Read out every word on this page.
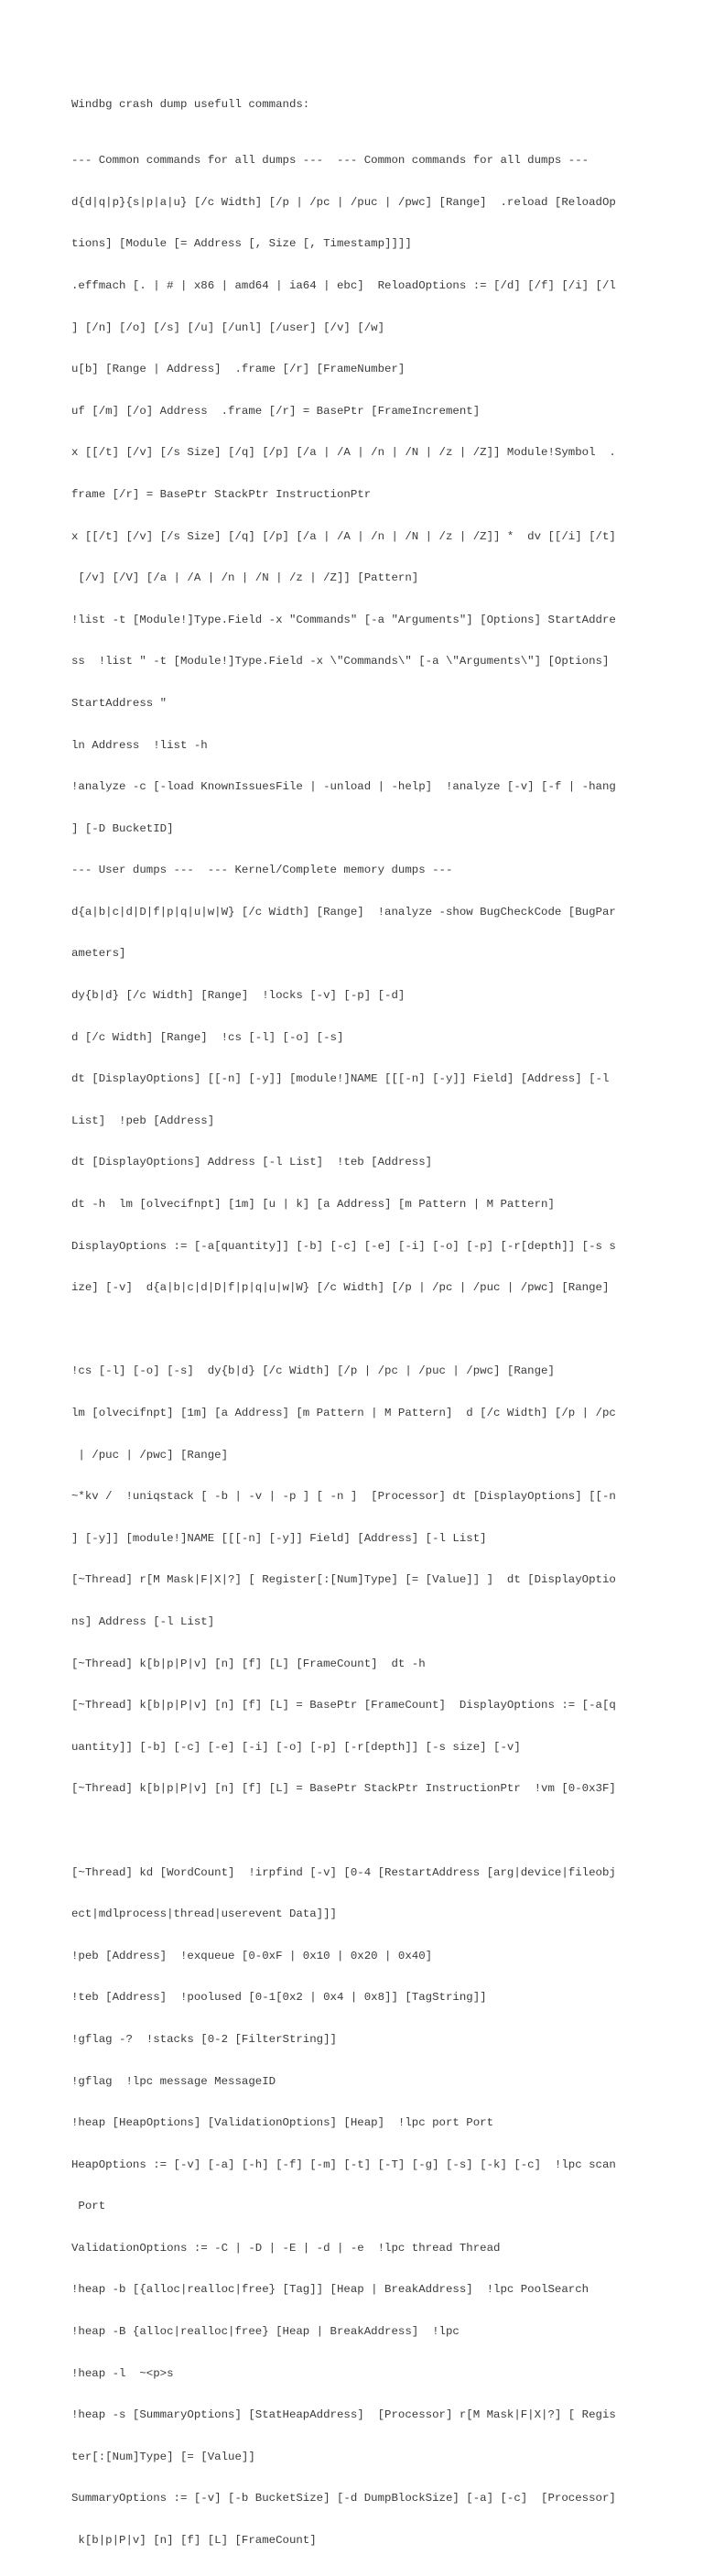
Windbg crash dump usefull commands:

--- Common commands for all dumps ---  --- Common commands for all dumps ---

d{d|q|p}{s|p|a|u} [/c Width] [/p | /pc | /puc | /pwc] [Range]  .reload [ReloadOp

tions] [Module [= Address [, Size [, Timestamp]]]]

.effmach [. | # | x86 | amd64 | ia64 | ebc]  ReloadOptions := [/d] [/f] [/i] [/l

] [/n] [/o] [/s] [/u] [/unl] [/user] [/v] [/w]

u[b] [Range | Address]  .frame [/r] [FrameNumber]

uf [/m] [/o] Address  .frame [/r] = BasePtr [FrameIncrement]

x [[/t] [/v] [/s Size] [/q] [/p] [/a | /A | /n | /N | /z | /Z]] Module!Symbol  .

frame [/r] = BasePtr StackPtr InstructionPtr

x [[/t] [/v] [/s Size] [/q] [/p] [/a | /A | /n | /N | /z | /Z]] *  dv [[/i] [/t]

[/v] [/V] [/a | /A | /n | /N | /z | /Z]] [Pattern]

!list -t [Module!]Type.Field -x "Commands" [-a "Arguments"] [Options] StartAddre

ss  !list " -t [Module!]Type.Field -x \"Commands\" [-a \"Arguments\"] [Options]

StartAddress "

ln Address  !list -h

!analyze -c [-load KnownIssuesFile | -unload | -help]  !analyze [-v] [-f | -hang

] [-D BucketID]

--- User dumps ---  --- Kernel/Complete memory dumps ---

d{a|b|c|d|D|f|p|q|u|w|W} [/c Width] [Range]  !analyze -show BugCheckCode [BugPar

ameters]

dy{b|d} [/c Width] [Range]  !locks [-v] [-p] [-d]

d [/c Width] [Range]  !cs [-l] [-o] [-s]

dt [DisplayOptions] [[-n] [-y]] [module!]NAME [[[-n] [-y]] Field] [Address] [-l

List]  !peb [Address]

dt [DisplayOptions] Address [-l List]  !teb [Address]

dt -h  lm [olvecifnpt] [1m] [u | k] [a Address] [m Pattern | M Pattern]

DisplayOptions := [-a[quantity]] [-b] [-c] [-e] [-i] [-o] [-p] [-r[depth]] [-s s

ize] [-v]  d{a|b|c|d|D|f|p|q|u|w|W} [/c Width] [/p | /pc | /puc | /pwc] [Range]

!cs [-l] [-o] [-s]  dy{b|d} [/c Width] [/p | /pc | /puc | /pwc] [Range]

lm [olvecifnpt] [1m] [a Address] [m Pattern | M Pattern]  d [/c Width] [/p | /pc

| /puc | /pwc] [Range]

~*kv /  !uniqstack [ -b | -v | -p ] [ -n ]  [Processor] dt [DisplayOptions] [[-n

] [-y]] [module!]NAME [[[-n] [-y]] Field] [Address] [-l List]

[~Thread] r[M Mask|F|X|?] [ Register[:[Num]Type] [= [Value]] ]  dt [DisplayOptio

ns] Address [-l List]

[~Thread] k[b|p|P|v] [n] [f] [L] [FrameCount]  dt -h

[~Thread] k[b|p|P|v] [n] [f] [L] = BasePtr [FrameCount]  DisplayOptions := [-a[q

uantity]] [-b] [-c] [-e] [-i] [-o] [-p] [-r[depth]] [-s size] [-v]

[~Thread] k[b|p|P|v] [n] [f] [L] = BasePtr StackPtr InstructionPtr  !vm [0-0x3F]

[~Thread] kd [WordCount]  !irpfind [-v] [0-4 [RestartAddress [arg|device|fileobj

ect|mdlprocess|thread|userevent Data]]]

!peb [Address]  !exqueue [0-0xF | 0x10 | 0x20 | 0x40]

!teb [Address]  !poolused [0-1[0x2 | 0x4 | 0x8]] [TagString]]

!gflag -?  !stacks [0-2 [FilterString]]

!gflag  !lpc message MessageID

!heap [HeapOptions] [ValidationOptions] [Heap]  !lpc port Port

HeapOptions := [-v] [-a] [-h] [-f] [-m] [-t] [-T] [-g] [-s] [-k] [-c]  !lpc scan

Port

ValidationOptions := -C | -D | -E | -d | -e  !lpc thread Thread

!heap -b [{alloc|realloc|free} [Tag]] [Heap | BreakAddress]  !lpc PoolSearch

!heap -B {alloc|realloc|free} [Heap | BreakAddress]  !lpc

!heap -l  ~<p>s

!heap -s [SummaryOptions] [StatHeapAddress]  [Processor] r[M Mask|F|X|?] [ Regis

ter[:[Num]Type] [= [Value]]

SummaryOptions := [-v] [-b BucketSize] [-d DumpBlockSize] [-a] [-c]  [Processor]

k[b|p|P|v] [n] [f] [L] [FrameCount]
